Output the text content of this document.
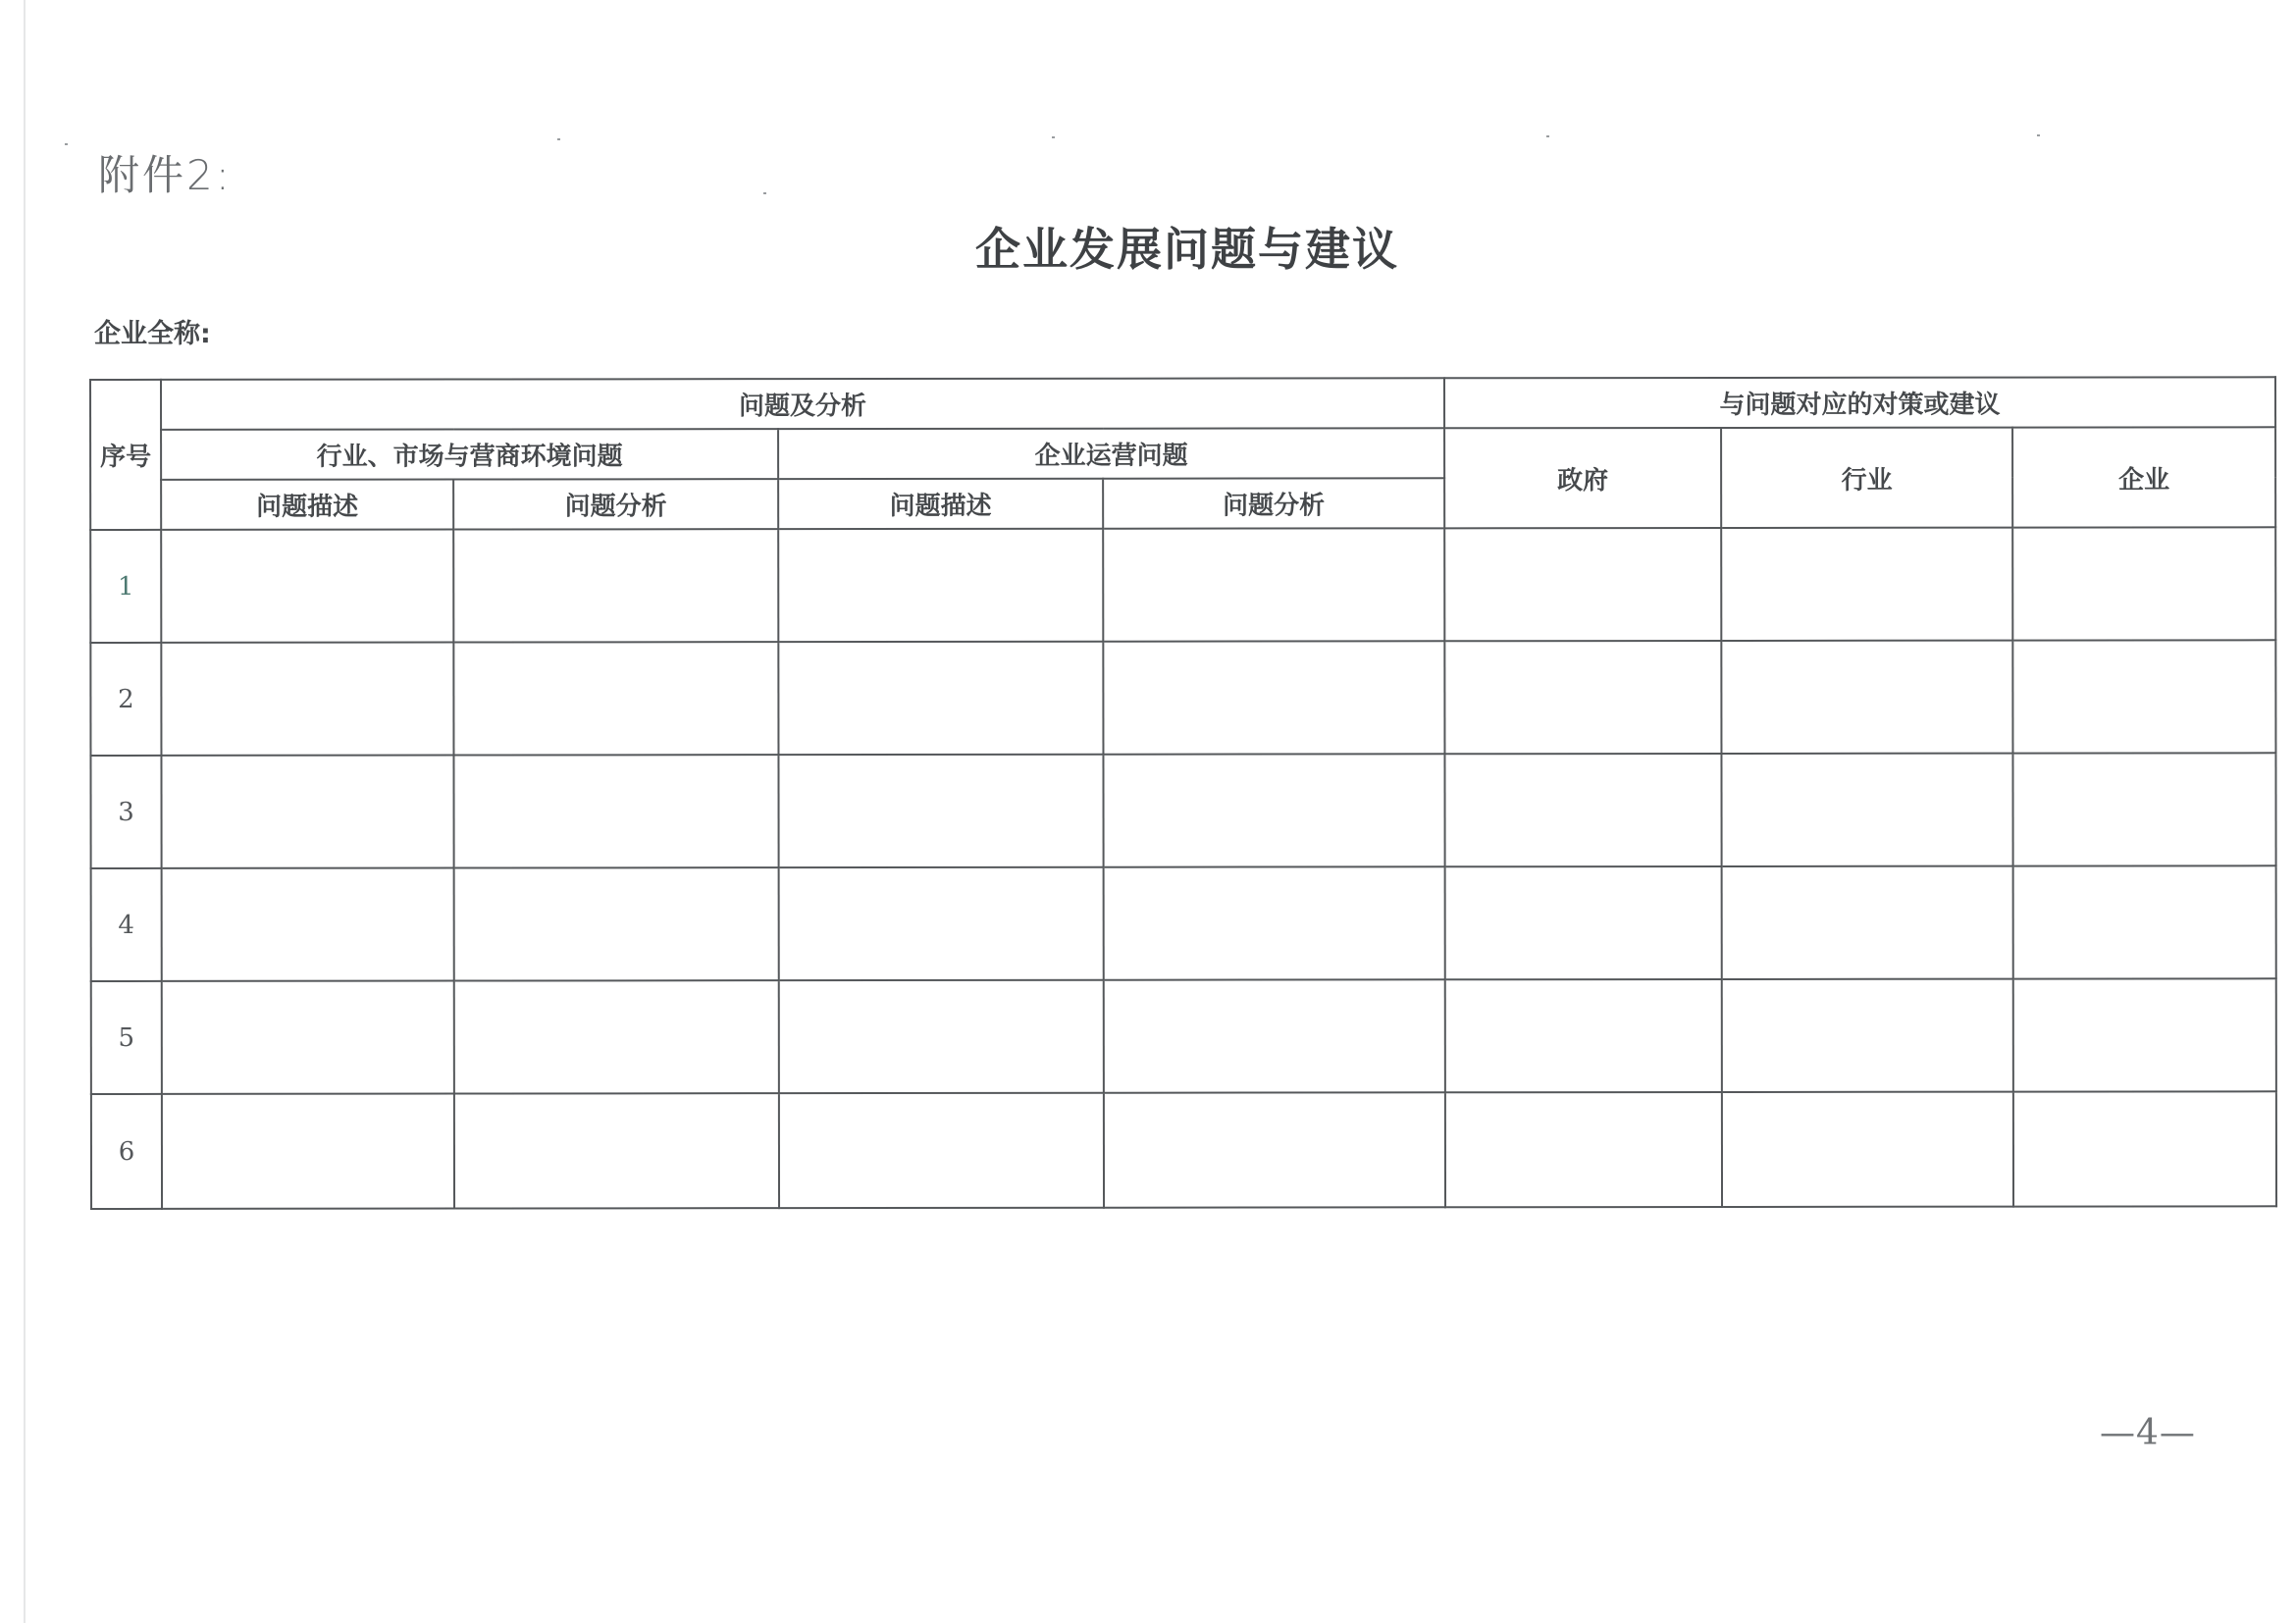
附件2:
企业发展问题与建议
企业全称:
序号	问题及分析				与问题对应的对策或建议		
	行业、市场与营商环境问题		企业运营问题		政府	行业	企业
	问题描述	问题分析	问题描述	问题分析			
1							
2							
3							
4							
5							
6							
—4—
